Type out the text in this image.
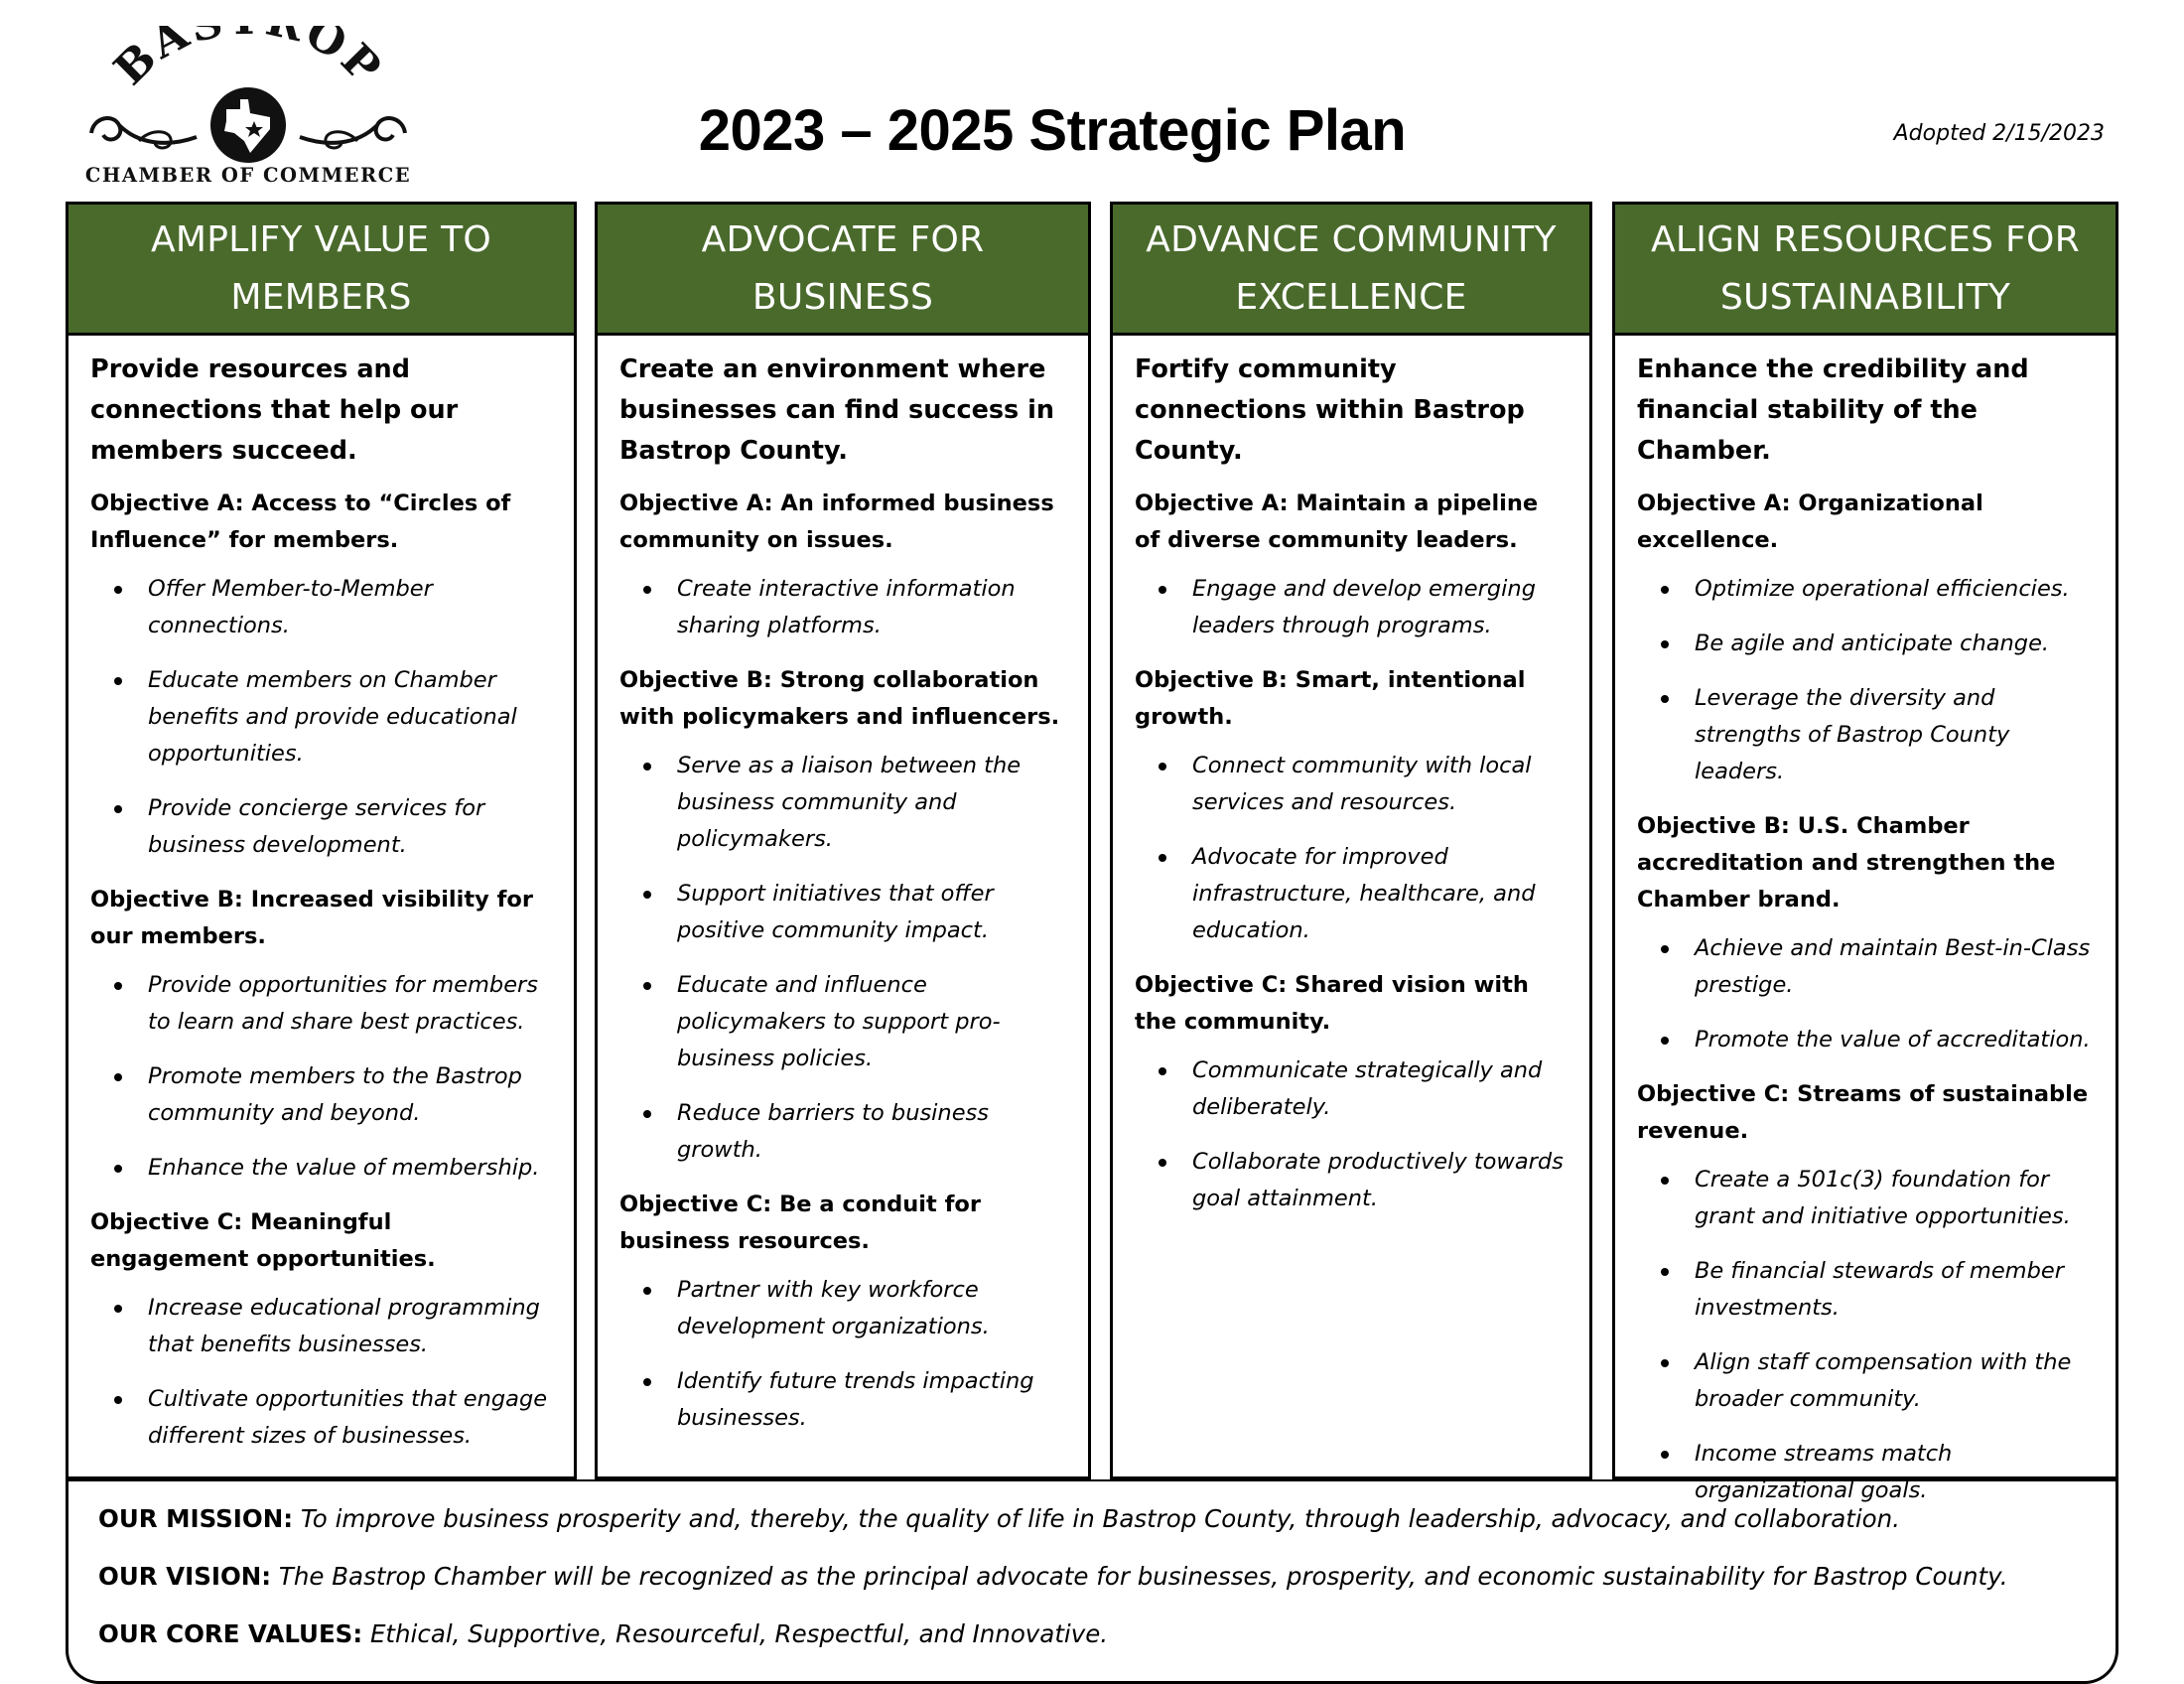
BA OP
CHAMBER OF COMMERCE
2023 – 2025 Strategic Plan	Adopted 2/15/2023
AMPLIFY VALUE TO
MEMBERS

Provide resources and connections that help our members succeed.

Objective A: Access to “Circles of Influence” for members.

Offer Member-to-Member connections.
Educate members on Chamber benefits and provide educational opportunities.
Provide concierge services for business development.

Objective B: Increased visibility for our members.

Provide opportunities for members to learn and share best practices.
Promote members to the Bastrop community and beyond.
Enhance the value of membership.

Objective C: Meaningful engagement opportunities.

Increase educational programming that benefits businesses.
Cultivate opportunities that engage different sizes of businesses.
ADVOCATE FOR
BUSINESS

Create an environment where businesses can find success in Bastrop County.

Objective A: An informed business community on issues.

Create interactive information sharing platforms.

Objective B: Strong collaboration with policymakers and influencers.

Serve as a liaison between the business community and policymakers.
Support initiatives that offer positive community impact.
Educate and influence policymakers to support pro-business policies.
Reduce barriers to business growth.

Objective C: Be a conduit for business resources.

Partner with key workforce development organizations.
Identify future trends impacting businesses.
ADVANCE COMMUNITY
EXCELLENCE

Fortify community connections within Bastrop County.

Objective A: Maintain a pipeline of diverse community leaders.

Engage and develop emerging leaders through programs.

Objective B: Smart, intentional growth.

Connect community with local services and resources.
Advocate for improved infrastructure, healthcare, and education.

Objective C: Shared vision with the community.

Communicate strategically and deliberately.
Collaborate productively towards goal attainment.
ALIGN RESOURCES FOR
SUSTAINABILITY

Enhance the credibility and financial stability of the Chamber.

Objective A: Organizational excellence.

Optimize operational efficiencies.
Be agile and anticipate change.
Leverage the diversity and strengths of Bastrop County leaders.

Objective B: U.S. Chamber accreditation and strengthen the Chamber brand.

Achieve and maintain Best-in-Class prestige.
Promote the value of accreditation.

Objective C: Streams of sustainable revenue.

Create a 501c(3) foundation for grant and initiative opportunities.
Be financial stewards of member investments.
Align staff compensation with the broader community.
Income streams match organizational goals.

OUR MISSION: To improve business prosperity and, thereby, the quality of life in Bastrop County, through leadership, advocacy, and collaboration.

OUR VISION: The Bastrop Chamber will be recognized as the principal advocate for businesses, prosperity, and economic sustainability for Bastrop County.

OUR CORE VALUES: Ethical, Supportive, Resourceful, Respectful, and Innovative.
